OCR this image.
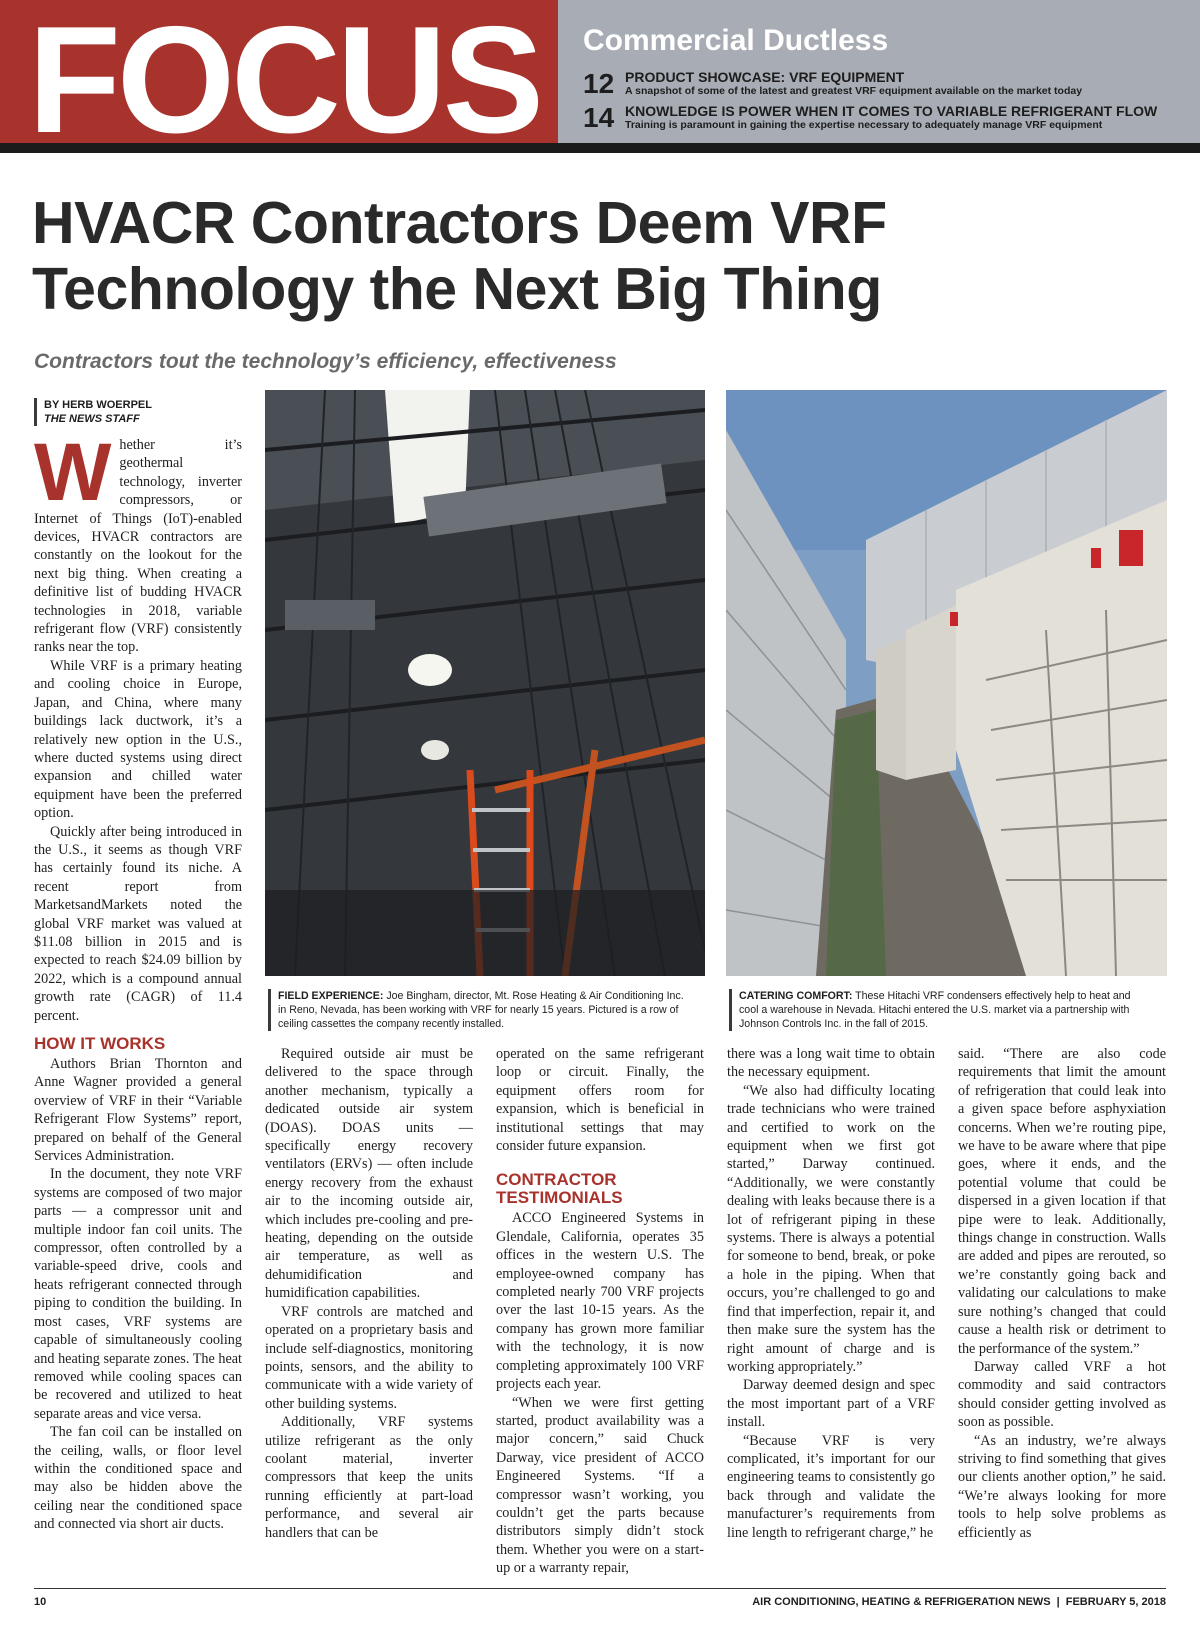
FOCUS Commercial Ductless
12 PRODUCT SHOWCASE: VRF EQUIPMENT
A snapshot of some of the latest and greatest VRF equipment available on the market today
14 KNOWLEDGE IS POWER WHEN IT COMES TO VARIABLE REFRIGERANT FLOW
Training is paramount in gaining the expertise necessary to adequately manage VRF equipment
HVACR Contractors Deem VRF
Technology the Next Big Thing
Contractors tout the technology’s efficiency, effectiveness
BY HERB WOERPEL
THE NEWS STAFF
FIELD EXPERIENCE: Joe Bingham, director, Mt. Rose Heating & Air Conditioning Inc. in Reno, Nevada, has been working with VRF for nearly 15 years. Pictured is a row of ceiling cassettes the company recently installed.
CATERING COMFORT: These Hitachi VRF condensers effectively help to heat and cool a warehouse in Nevada. Hitachi entered the U.S. market via a partnership with Johnson Controls Inc. in the fall of 2015.

Whether it’s geothermal technology, inverter compressors, or Internet of Things (IoT)-enabled devices, HVACR contractors are constantly on the lookout for the next big thing. When creating a definitive list of budding HVACR technologies in 2018, variable refrigerant flow (VRF) consistently ranks near the top.

While VRF is a primary heating and cooling choice in Europe, Japan, and China, where many buildings lack ductwork, it’s a relatively new option in the U.S., where ducted systems using direct expansion and chilled water equipment have been the preferred option.

Quickly after being introduced in the U.S., it seems as though VRF has certainly found its niche. A recent report from MarketsandMarkets noted the global VRF market was valued at $11.08 billion in 2015 and is expected to reach $24.09 billion by 2022, which is a compound annual growth rate (CAGR) of 11.4 percent.

HOW IT WORKS

Authors Brian Thornton and Anne Wagner provided a general overview of VRF in their “Variable Refrigerant Flow Systems” report, prepared on behalf of the General Services Administration.

In the document, they note VRF systems are composed of two major parts — a compressor unit and multiple indoor fan coil units. The compressor, often controlled by a variable-speed drive, cools and heats refrigerant connected through piping to condition the building. In most cases, VRF systems are capable of simultaneously cooling and heating separate zones. The heat removed while cooling spaces can be recovered and utilized to heat separate areas and vice versa.

The fan coil can be installed on the ceiling, walls, or floor level within the conditioned space and may also be hidden above the ceiling near the conditioned space and connected via short air ducts.

Required outside air must be delivered to the space through another mechanism, typically a dedicated outside air system (DOAS). DOAS units — specifically energy recovery ventilators (ERVs) — often include energy recovery from the exhaust air to the incoming outside air, which includes pre-cooling and pre-heating, depending on the outside air temperature, as well as dehumidification and humidification capabilities.

VRF controls are matched and operated on a proprietary basis and include self-diagnostics, monitoring points, sensors, and the ability to communicate with a wide variety of other building systems.

Additionally, VRF systems utilize refrigerant as the only coolant material, inverter compressors that keep the units running efficiently at part-load performance, and several air handlers that can be

operated on the same refrigerant loop or circuit. Finally, the equipment offers room for expansion, which is beneficial in institutional settings that may consider future expansion.

CONTRACTOR TESTIMONIALS

ACCO Engineered Systems in Glendale, California, operates 35 offices in the western U.S. The employee-owned company has completed nearly 700 VRF projects over the last 10-15 years. As the company has grown more familiar with the technology, it is now completing approximately 100 VRF projects each year.

“When we were first getting started, product availability was a major concern,” said Chuck Darway, vice president of ACCO Engineered Systems. “If a compressor wasn’t working, you couldn’t get the parts because distributors simply didn’t stock them. Whether you were on a start-up or a warranty repair,

there was a long wait time to obtain the necessary equipment.

“We also had difficulty locating trade technicians who were trained and certified to work on the equipment when we first got started,” Darway continued. “Additionally, we were constantly dealing with leaks because there is a lot of refrigerant piping in these systems. There is always a potential for someone to bend, break, or poke a hole in the piping. When that occurs, you’re challenged to go and find that imperfection, repair it, and then make sure the system has the right amount of charge and is working appropriately.”

Darway deemed design and spec the most important part of a VRF install.

“Because VRF is very complicated, it’s important for our engineering teams to consistently go back through and validate the manufacturer’s requirements from line length to refrigerant charge,” he

said. “There are also code requirements that limit the amount of refrigeration that could leak into a given space before asphyxiation concerns. When we’re routing pipe, we have to be aware where that pipe goes, where it ends, and the potential volume that could be dispersed in a given location if that pipe were to leak. Additionally, things change in construction. Walls are added and pipes are rerouted, so we’re constantly going back and validating our calculations to make sure nothing’s changed that could cause a health risk or detriment to the performance of the system.”

Darway called VRF a hot commodity and said contractors should consider getting involved as soon as possible.

“As an industry, we’re always striving to find something that gives our clients another option,” he said. “We’re always looking for more tools to help solve problems as efficiently as

10	AIR CONDITIONING, HEATING & REFRIGERATION NEWS | FEBRUARY 5, 2018
